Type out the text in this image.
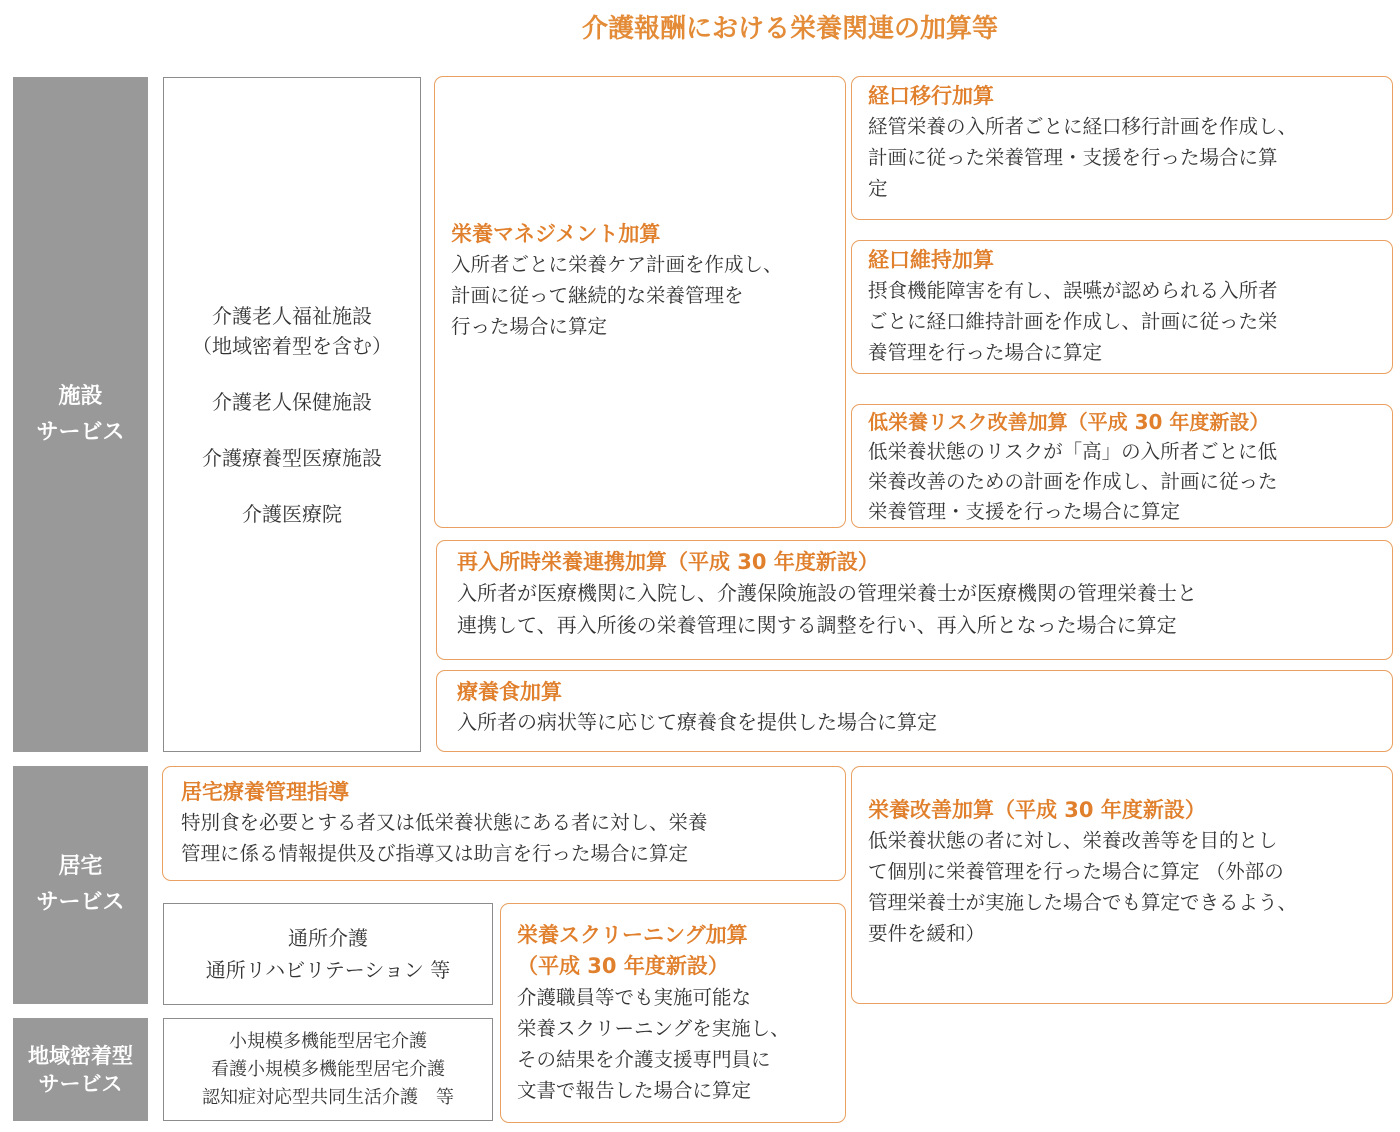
介護報酬における栄養関連の加算等
施設
サービス
居宅
サービス
地域密着型
サービス
介護老人福祉施設
（地域密着型を含む）
介護老人保健施設
介護療養型医療施設
介護医療院
通所介護
通所リハビリテーション 等
小規模多機能型居宅介護
看護小規模多機能型居宅介護
認知症対応型共同生活介護　等
栄養マネジメント加算
入所者ごとに栄養ケア計画を作成し、
計画に従って継続的な栄養管理を
行った場合に算定
経口移行加算
経管栄養の入所者ごとに経口移行計画を作成し、
計画に従った栄養管理・支援を行った場合に算
定
経口維持加算
摂食機能障害を有し、誤嚥が認められる入所者
ごとに経口維持計画を作成し、計画に従った栄
養管理を行った場合に算定
低栄養リスク改善加算（平成 30 年度新設）
低栄養状態のリスクが「高」の入所者ごとに低
栄養改善のための計画を作成し、計画に従った
栄養管理・支援を行った場合に算定
再入所時栄養連携加算（平成 30 年度新設）
入所者が医療機関に入院し、介護保険施設の管理栄養士が医療機関の管理栄養士と
連携して、再入所後の栄養管理に関する調整を行い、再入所となった場合に算定
療養食加算
入所者の病状等に応じて療養食を提供した場合に算定
居宅療養管理指導
特別食を必要とする者又は低栄養状態にある者に対し、栄養
管理に係る情報提供及び指導又は助言を行った場合に算定
栄養改善加算（平成 30 年度新設）
低栄養状態の者に対し、栄養改善等を目的とし
て個別に栄養管理を行った場合に算定 （外部の
管理栄養士が実施した場合でも算定できるよう、
要件を緩和）
栄養スクリーニング加算
（平成 30 年度新設）
介護職員等でも実施可能な
栄養スクリーニングを実施し、
その結果を介護支援専門員に
文書で報告した場合に算定
